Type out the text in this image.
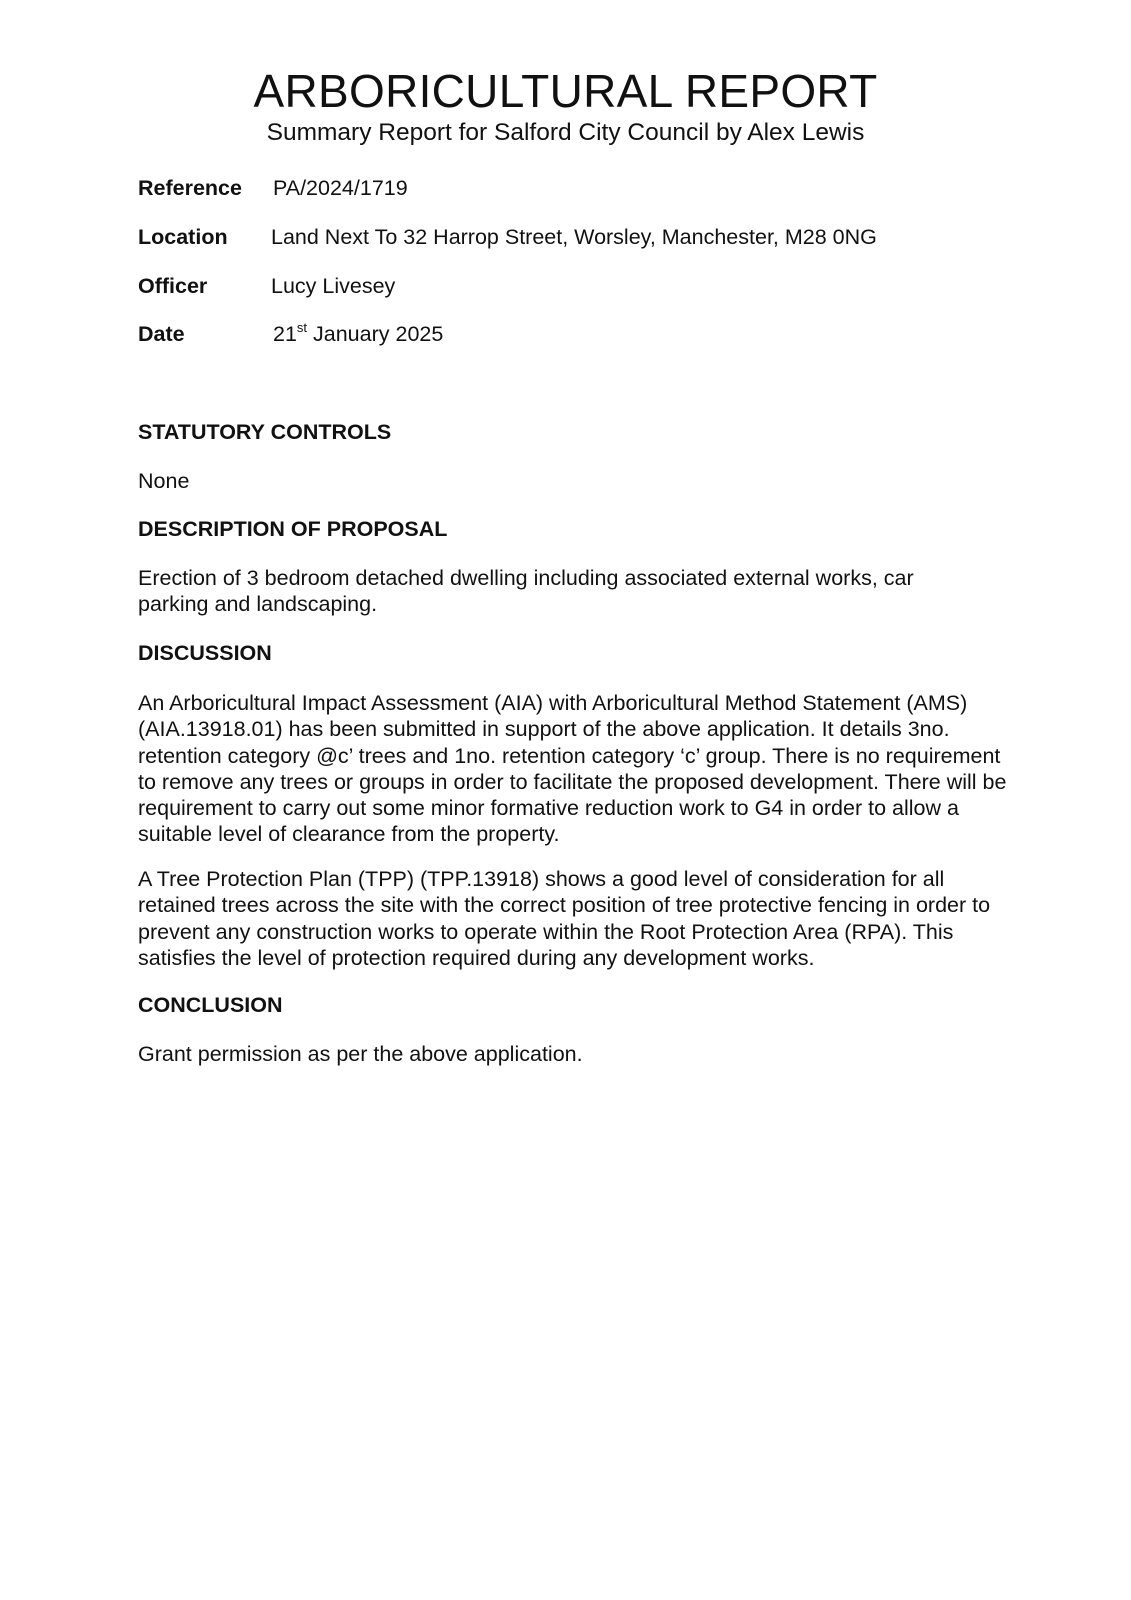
ARBORICULTURAL REPORT
Summary Report for Salford City Council by Alex Lewis
Reference PA/2024/1719
Location Land Next To 32 Harrop Street, Worsley, Manchester, M28 0NG
Officer	Lucy Livesey
Date	21st January 2025
STATUTORY CONTROLS
None
DESCRIPTION OF PROPOSAL
Erection of 3 bedroom detached dwelling including associated external works, car parking and landscaping.
DISCUSSION
An Arboricultural Impact Assessment (AIA) with Arboricultural Method Statement (AMS) (AIA.13918.01) has been submitted in support of the above application. It details 3no. retention category @c’ trees and 1no. retention category ‘c’ group. There is no requirement to remove any trees or groups in order to facilitate the proposed development. There will be requirement to carry out some minor formative reduction work to G4 in order to allow a suitable level of clearance from the property.
A Tree Protection Plan (TPP) (TPP.13918) shows a good level of consideration for all retained trees across the site with the correct position of tree protective fencing in order to prevent any construction works to operate within the Root Protection Area (RPA). This satisfies the level of protection required during any development works.
CONCLUSION
Grant permission as per the above application.
